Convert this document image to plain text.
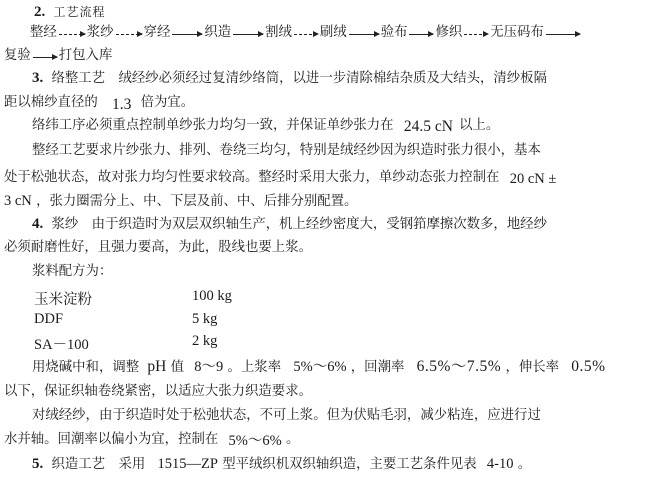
2. 工艺流程
整经 浆纱 穿经	织造	割绒 刷绒	验布 修织 无压码布
复验 打包入库
3. 络整工艺　绒经纱必须经过复清纱络筒，以进一步清除棉结杂质及大结头，清纱板隔
距以棉纱直径的 1.3 倍为宜。
络纬工序必须重点控制单纱张力均匀一致，并保证单纱张力在 24.5 cN 以上。
整经工艺要求片纱张力、排列、卷绕三均匀，特别是绒经纱因为织造时张力很小，基本
处于松弛状态，故对张力均匀性要求较高。整经时采用大张力，单纱动态张力控制在 20 cN ±
3 cN ，张力圈需分上、中、下层及前、中、后排分别配置。
4. 浆纱　由于织造时为双层双织轴生产，机上经纱密度大，受钢筘摩擦次数多，地经纱
必须耐磨性好，且强力要高，为此，股线也要上浆。
浆料配方为：
玉米淀粉	100 kg
DDF	5 kg
SA－100	2 kg
用烧碱中和，调整 pH 值 8～9 。上浆率 5%～6% ，回潮率 6.5%～7.5% ，伸长率 0.5%
以下，保证织轴卷绕紧密，以适应大张力织造要求。
对绒经纱，由于织造时处于松弛状态，不可上浆。但为伏贴毛羽，减少粘连，应进行过
水并轴。回潮率以偏小为宜，控制在 5%～6% 。
5. 织造工艺　采用 1515—ZP 型平绒织机双织轴织造，主要工艺条件见表 4-10 。
